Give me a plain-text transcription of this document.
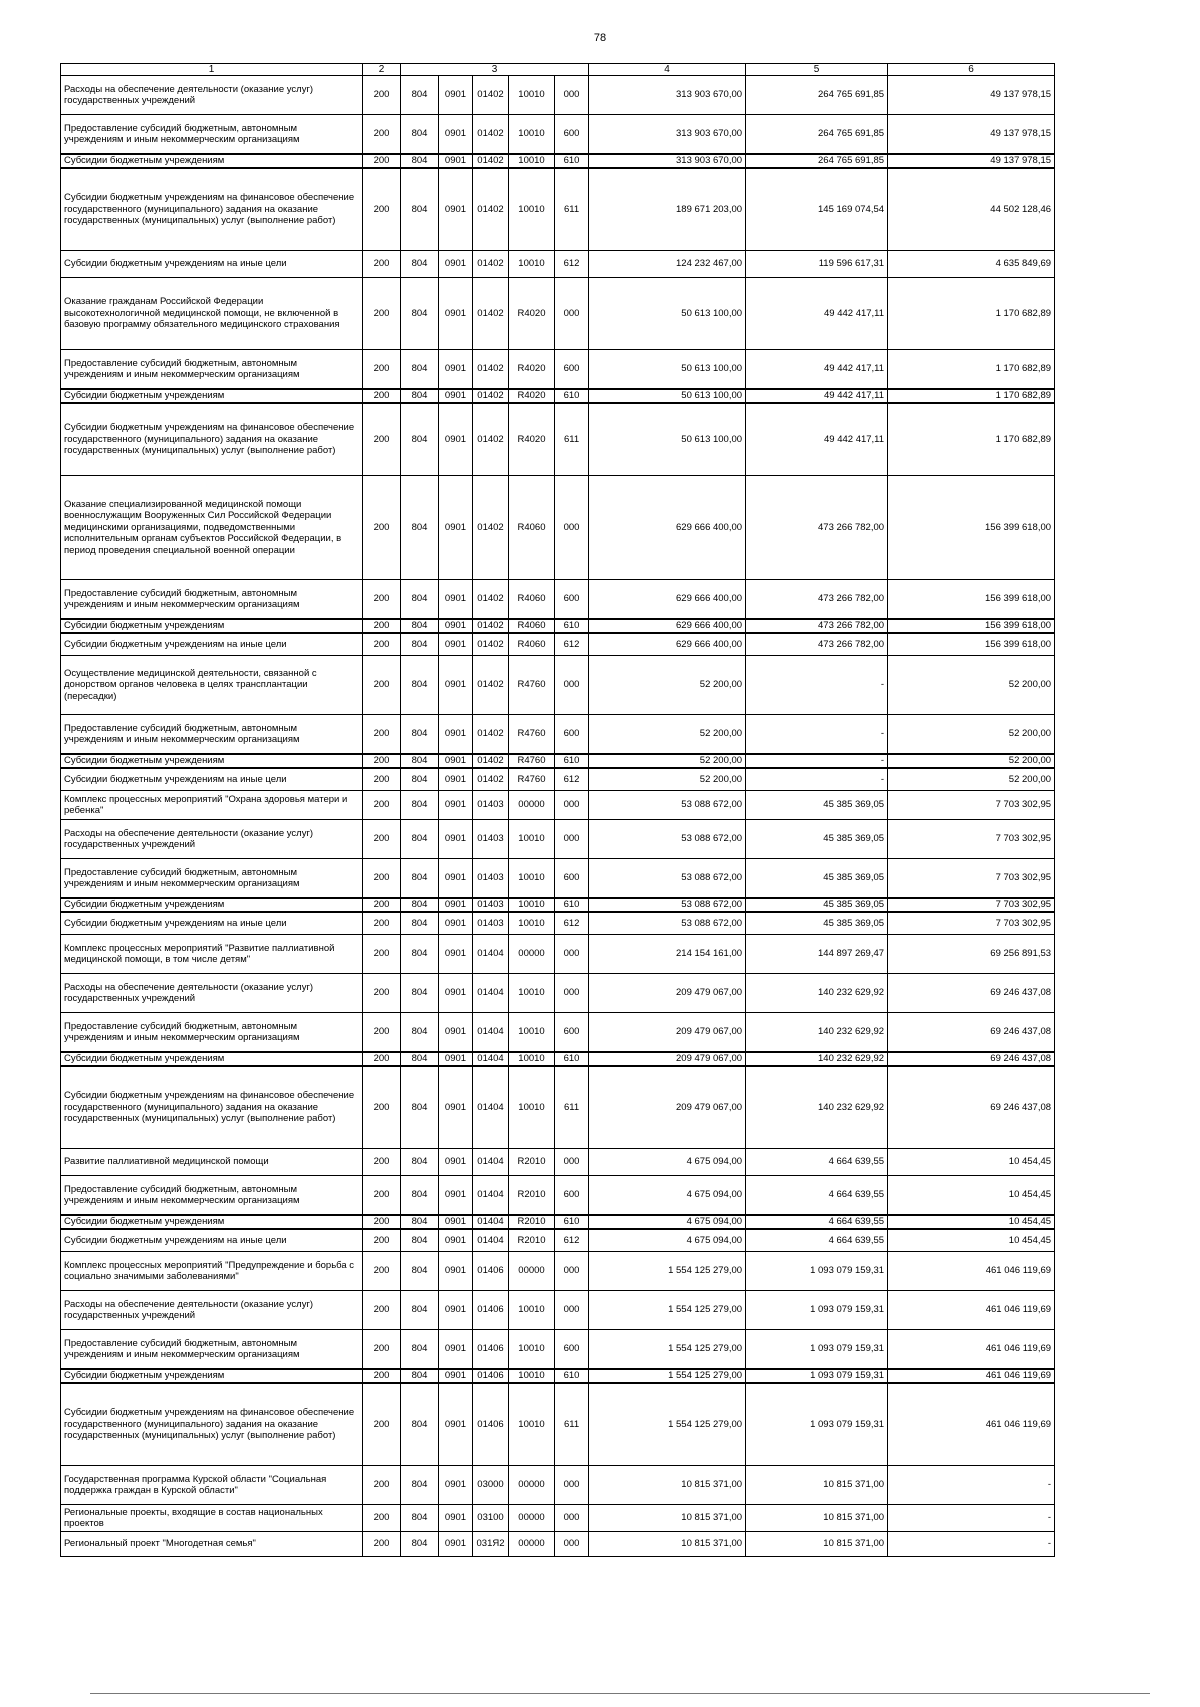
78
1	2	3					4	5	6
Расходы на обеспечение деятельности (оказание услуг) государственных учреждений	200	804	0901	01402	10010	000	313 903 670,00	264 765 691,85	49 137 978,15
Предоставление субсидий бюджетным, автономным учреждениям и иным некоммерческим организациям	200	804	0901	01402	10010	600	313 903 670,00	264 765 691,85	49 137 978,15
Субсидии бюджетным учреждениям	200	804	0901	01402	10010	610	313 903 670,00	264 765 691,85	49 137 978,15
Субсидии бюджетным учреждениям на финансовое обеспечение государственного (муниципального) задания на оказание государственных (муниципальных) услуг (выполнение работ)	200	804	0901	01402	10010	611	189 671 203,00	145 169 074,54	44 502 128,46
Субсидии бюджетным учреждениям на иные цели	200	804	0901	01402	10010	612	124 232 467,00	119 596 617,31	4 635 849,69
Оказание гражданам Российской Федерации высокотехнологичной медицинской помощи, не включенной в базовую программу обязательного медицинского страхования	200	804	0901	01402	R4020	000	50 613 100,00	49 442 417,11	1 170 682,89
Предоставление субсидий бюджетным, автономным учреждениям и иным некоммерческим организациям	200	804	0901	01402	R4020	600	50 613 100,00	49 442 417,11	1 170 682,89
Субсидии бюджетным учреждениям	200	804	0901	01402	R4020	610	50 613 100,00	49 442 417,11	1 170 682,89
Субсидии бюджетным учреждениям на финансовое обеспечение государственного (муниципального) задания на оказание государственных (муниципальных) услуг (выполнение работ)	200	804	0901	01402	R4020	611	50 613 100,00	49 442 417,11	1 170 682,89
Оказание специализированной медицинской помощи военнослужащим Вооруженных Сил Российской Федерации медицинскими организациями, подведомственными исполнительным органам субъектов Российской Федерации, в период проведения специальной военной операции	200	804	0901	01402	R4060	000	629 666 400,00	473 266 782,00	156 399 618,00
Предоставление субсидий бюджетным, автономным учреждениям и иным некоммерческим организациям	200	804	0901	01402	R4060	600	629 666 400,00	473 266 782,00	156 399 618,00
Субсидии бюджетным учреждениям	200	804	0901	01402	R4060	610	629 666 400,00	473 266 782,00	156 399 618,00
Субсидии бюджетным учреждениям на иные цели	200	804	0901	01402	R4060	612	629 666 400,00	473 266 782,00	156 399 618,00
Осуществление медицинской деятельности, связанной с донорством органов человека в целях трансплантации (пересадки)	200	804	0901	01402	R4760	000	52 200,00	-	52 200,00
Предоставление субсидий бюджетным, автономным учреждениям и иным некоммерческим организациям	200	804	0901	01402	R4760	600	52 200,00	-	52 200,00
Субсидии бюджетным учреждениям	200	804	0901	01402	R4760	610	52 200,00	-	52 200,00
Субсидии бюджетным учреждениям на иные цели	200	804	0901	01402	R4760	612	52 200,00	-	52 200,00
Комплекс процессных мероприятий "Охрана здоровья матери и ребенка"	200	804	0901	01403	00000	000	53 088 672,00	45 385 369,05	7 703 302,95
Расходы на обеспечение деятельности (оказание услуг) государственных учреждений	200	804	0901	01403	10010	000	53 088 672,00	45 385 369,05	7 703 302,95
Предоставление субсидий бюджетным, автономным учреждениям и иным некоммерческим организациям	200	804	0901	01403	10010	600	53 088 672,00	45 385 369,05	7 703 302,95
Субсидии бюджетным учреждениям	200	804	0901	01403	10010	610	53 088 672,00	45 385 369,05	7 703 302,95
Субсидии бюджетным учреждениям на иные цели	200	804	0901	01403	10010	612	53 088 672,00	45 385 369,05	7 703 302,95
Комплекс процессных мероприятий "Развитие паллиативной медицинской помощи, в том числе детям"	200	804	0901	01404	00000	000	214 154 161,00	144 897 269,47	69 256 891,53
Расходы на обеспечение деятельности (оказание услуг) государственных учреждений	200	804	0901	01404	10010	000	209 479 067,00	140 232 629,92	69 246 437,08
Предоставление субсидий бюджетным, автономным учреждениям и иным некоммерческим организациям	200	804	0901	01404	10010	600	209 479 067,00	140 232 629,92	69 246 437,08
Субсидии бюджетным учреждениям	200	804	0901	01404	10010	610	209 479 067,00	140 232 629,92	69 246 437,08
Субсидии бюджетным учреждениям на финансовое обеспечение государственного (муниципального) задания на оказание государственных (муниципальных) услуг (выполнение работ)	200	804	0901	01404	10010	611	209 479 067,00	140 232 629,92	69 246 437,08
Развитие паллиативной медицинской помощи	200	804	0901	01404	R2010	000	4 675 094,00	4 664 639,55	10 454,45
Предоставление субсидий бюджетным, автономным учреждениям и иным некоммерческим организациям	200	804	0901	01404	R2010	600	4 675 094,00	4 664 639,55	10 454,45
Субсидии бюджетным учреждениям	200	804	0901	01404	R2010	610	4 675 094,00	4 664 639,55	10 454,45
Субсидии бюджетным учреждениям на иные цели	200	804	0901	01404	R2010	612	4 675 094,00	4 664 639,55	10 454,45
Комплекс процессных мероприятий "Предупреждение и борьба с социально значимыми заболеваниями"	200	804	0901	01406	00000	000	1 554 125 279,00	1 093 079 159,31	461 046 119,69
Расходы на обеспечение деятельности (оказание услуг) государственных учреждений	200	804	0901	01406	10010	000	1 554 125 279,00	1 093 079 159,31	461 046 119,69
Предоставление субсидий бюджетным, автономным учреждениям и иным некоммерческим организациям	200	804	0901	01406	10010	600	1 554 125 279,00	1 093 079 159,31	461 046 119,69
Субсидии бюджетным учреждениям	200	804	0901	01406	10010	610	1 554 125 279,00	1 093 079 159,31	461 046 119,69
Субсидии бюджетным учреждениям на финансовое обеспечение государственного (муниципального) задания на оказание государственных (муниципальных) услуг (выполнение работ)	200	804	0901	01406	10010	611	1 554 125 279,00	1 093 079 159,31	461 046 119,69
Государственная программа Курской области "Социальная поддержка граждан в Курской области"	200	804	0901	03000	00000	000	10 815 371,00	10 815 371,00	-
Региональные проекты, входящие в состав национальных проектов	200	804	0901	03100	00000	000	10 815 371,00	10 815 371,00	-
Региональный проект "Многодетная семья"	200	804	0901	031Я2	00000	000	10 815 371,00	10 815 371,00	-
